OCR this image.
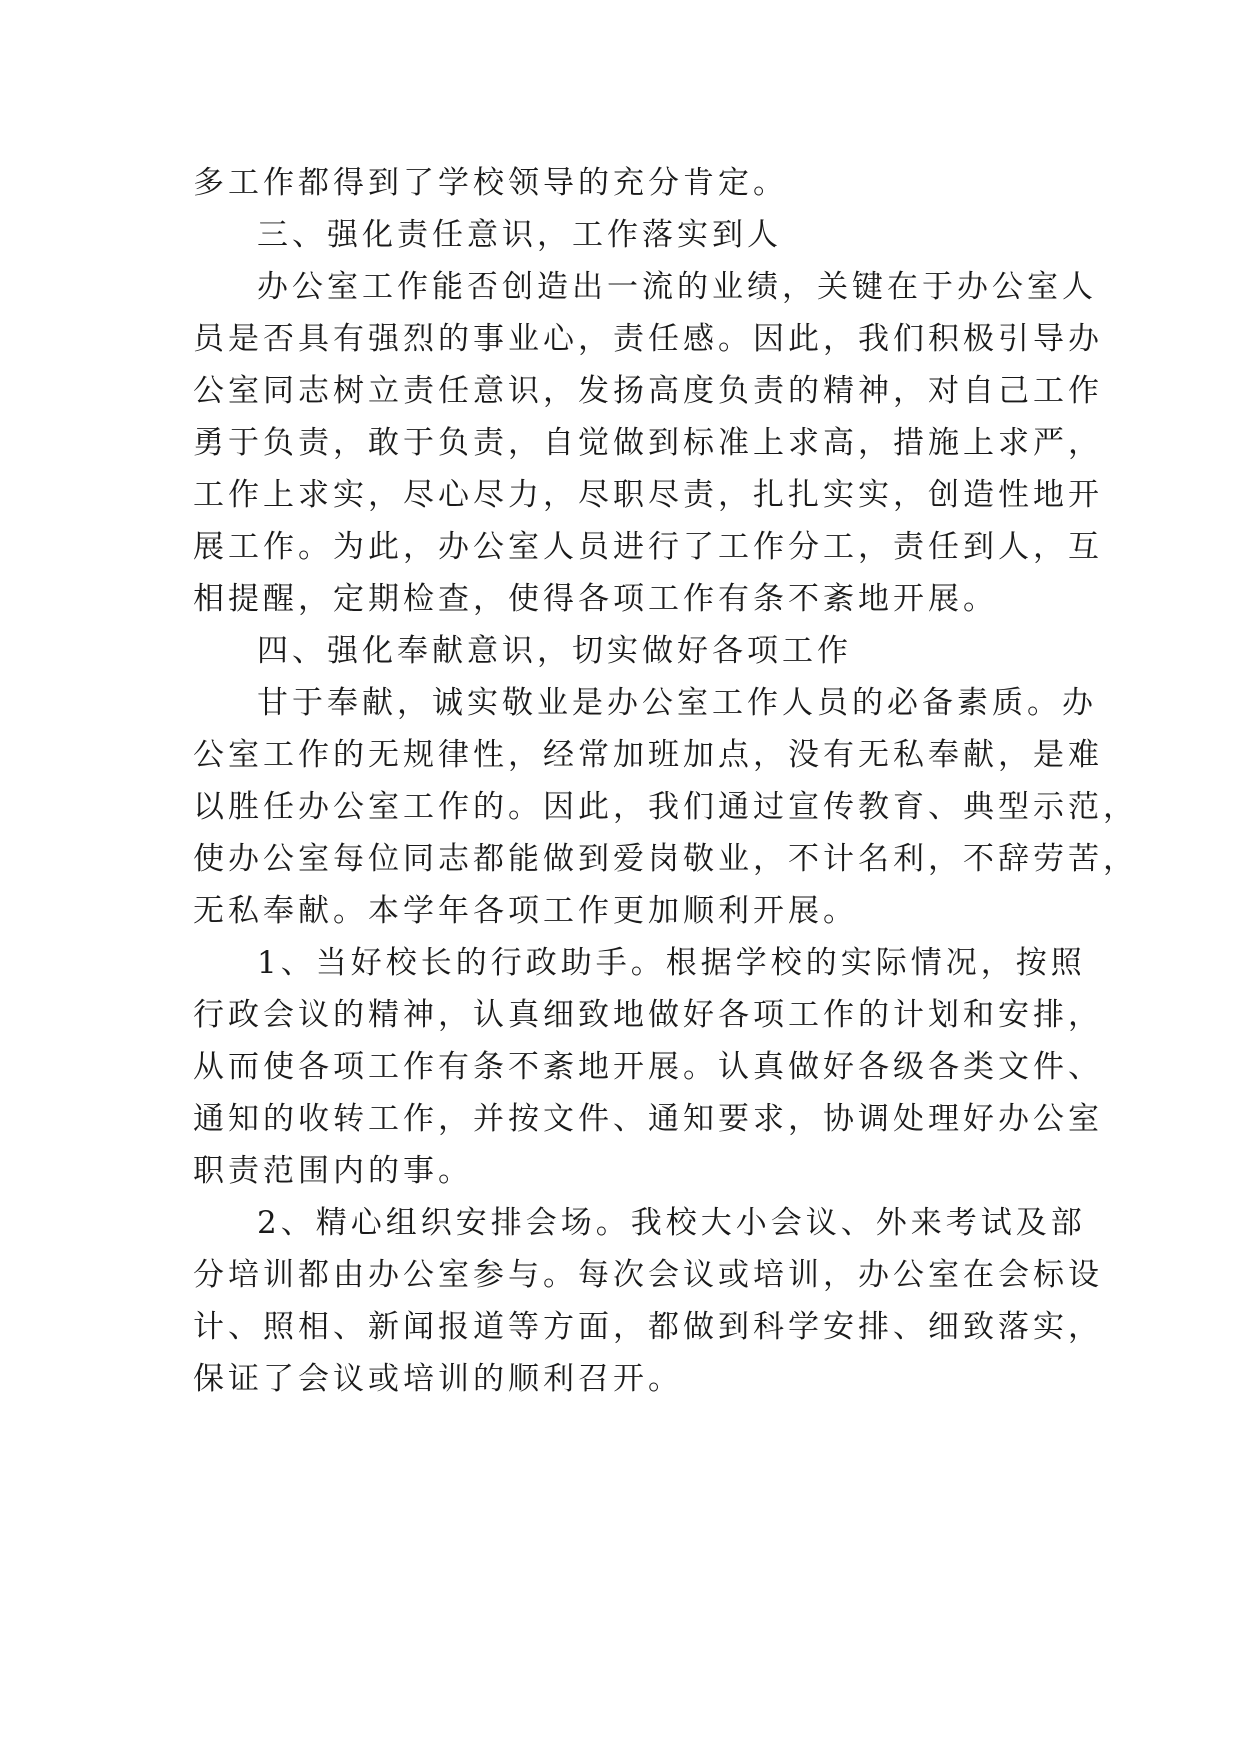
多工作都得到了学校领导的充分肯定。

三、强化责任意识，工作落实到人

办公室工作能否创造出一流的业绩，关键在于办公室人
员是否具有强烈的事业心，责任感。因此，我们积极引导办
公室同志树立责任意识，发扬高度负责的精神，对自己工作
勇于负责，敢于负责，自觉做到标准上求高，措施上求严，
工作上求实，尽心尽力，尽职尽责，扎扎实实，创造性地开
展工作。为此，办公室人员进行了工作分工，责任到人，互
相提醒，定期检查，使得各项工作有条不紊地开展。

四、强化奉献意识，切实做好各项工作

甘于奉献，诚实敬业是办公室工作人员的必备素质。办
公室工作的无规律性，经常加班加点，没有无私奉献，是难
以胜任办公室工作的。因此，我们通过宣传教育、典型示范，
使办公室每位同志都能做到爱岗敬业，不计名利，不辞劳苦，
无私奉献。本学年各项工作更加顺利开展。

1、当好校长的行政助手。根据学校的实际情况，按照
行政会议的精神，认真细致地做好各项工作的计划和安排，
从而使各项工作有条不紊地开展。认真做好各级各类文件、
通知的收转工作，并按文件、通知要求，协调处理好办公室
职责范围内的事。

2、精心组织安排会场。我校大小会议、外来考试及部
分培训都由办公室参与。每次会议或培训，办公室在会标设
计、照相、新闻报道等方面，都做到科学安排、细致落实，
保证了会议或培训的顺利召开。
